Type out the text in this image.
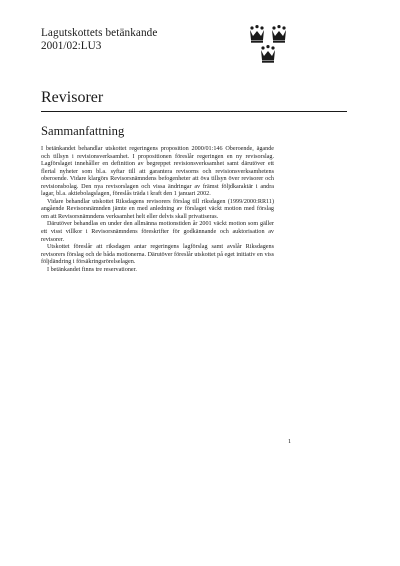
Lagutskottets betänkande
2001/02:LU3
Revisorer
Sammanfattning

I betänkandet behandlar utskottet regeringens proposition 2000/01:146 Oberoende, ägande och tillsyn i revisionsverksamhet. I propositionen föreslår regeringen en ny revisorslag. Lagförslaget innehåller en definition av begreppet revisionsverksamhet samt därutöver ett flertal nyheter som bl.a. syftar till att garantera revisorns och revisionsverksamhetens oberoende. Vidare klargörs Revisorsnämndens befogenheter att öva tillsyn över revisorer och revisionsbolag. Den nya revisorslagen och vissa ändringar av främst följdkaraktär i andra lagar, bl.a. aktiebolagslagen, föreslås träda i kraft den 1 januari 2002.

Vidare behandlar utskottet Riksdagens revisorers förslag till riksdagen (1999/2000:RR11) angående Revisorsnämnden jämte en med anledning av förslaget väckt motion med förslag om att Revisorsnämndens verksamhet helt eller delvis skall privatiseras.

Därutöver behandlas en under den allmänna motionstiden år 2001 väckt motion som gäller ett visst villkor i Revisorsnämndens föreskrifter för godkännande och auktorisation av revisorer.

Utskottet föreslår att riksdagen antar regeringens lagförslag samt avslår Riksdagens revisorers förslag och de båda motionerna. Därutöver föreslår utskottet på eget initiativ en viss följdändring i försäkringsrörelselagen.

I betänkandet finns tre reservationer.

1
